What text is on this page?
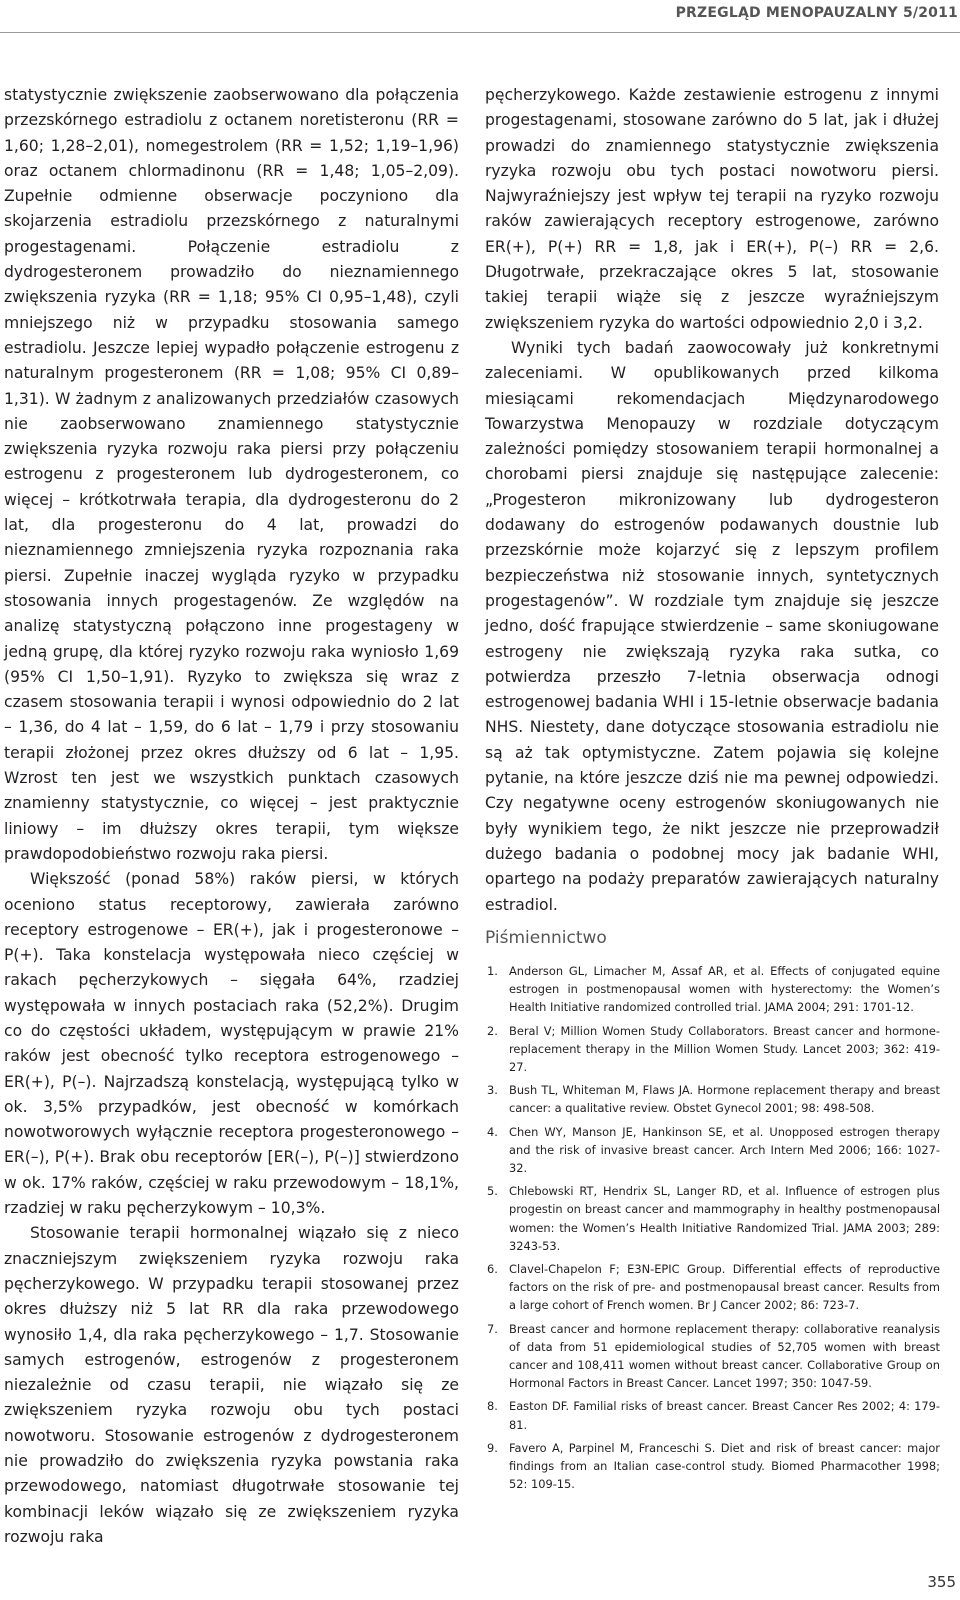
PRZEGLĄD MENOPAUZALNY 5/2011

statystycznie zwiększenie zaobserwowano dla połączenia przezskórnego estradiolu z octanem noretisteronu (RR = 1,60; 1,28–2,01), nomegestrolem (RR = 1,52; 1,19–1,96) oraz octanem chlormadinonu (RR = 1,48; 1,05–2,09). Zupełnie odmienne obserwacje poczyniono dla skojarzenia estradiolu przezskórnego z naturalnymi progestagenami. Połączenie estradiolu z dydrogesteronem prowadziło do nieznamiennego zwiększenia ryzyka (RR = 1,18; 95% CI 0,95–1,48), czyli mniejszego niż w przypadku stosowania samego estradiolu. Jeszcze lepiej wypadło połączenie estrogenu z naturalnym progesteronem (RR = 1,08; 95% CI 0,89–1,31). W żadnym z analizowanych przedziałów czasowych nie zaobserwowano znamiennego statystycznie zwiększenia ryzyka rozwoju raka piersi przy połączeniu estrogenu z progesteronem lub dydrogesteronem, co więcej – krótkotrwała terapia, dla dydrogesteronu do 2 lat, dla progesteronu do 4 lat, prowadzi do nieznamiennego zmniejszenia ryzyka rozpoznania raka piersi. Zupełnie inaczej wygląda ryzyko w przypadku stosowania innych progestagenów. Ze względów na analizę statystyczną połączono inne progestageny w jedną grupę, dla której ryzyko rozwoju raka wyniosło 1,69 (95% CI 1,50–1,91). Ryzyko to zwiększa się wraz z czasem stosowania terapii i wynosi odpowiednio do 2 lat – 1,36, do 4 lat – 1,59, do 6 lat – 1,79 i przy stosowaniu terapii złożonej przez okres dłuższy od 6 lat – 1,95. Wzrost ten jest we wszystkich punktach czasowych znamienny statystycznie, co więcej – jest praktycznie liniowy – im dłuższy okres terapii, tym większe prawdopodobieństwo rozwoju raka piersi.

Większość (ponad 58%) raków piersi, w których oceniono status receptorowy, zawierała zarówno receptory estrogenowe – ER(+), jak i progesteronowe – P(+). Taka konstelacja występowała nieco częściej w rakach pęcherzykowych – sięgała 64%, rzadziej występowała w innych postaciach raka (52,2%). Drugim co do częstości układem, występującym w prawie 21% raków jest obecność tylko receptora estrogenowego – ER(+), P(–). Najrzadszą konstelacją, występującą tylko w ok. 3,5% przypadków, jest obecność w komórkach nowotworowych wyłącznie receptora progesteronowego – ER(–), P(+). Brak obu receptorów [ER(–), P(–)] stwierdzono w ok. 17% raków, częściej w raku przewodowym – 18,1%, rzadziej w raku pęcherzykowym – 10,3%.

Stosowanie terapii hormonalnej wiązało się z nieco znaczniejszym zwiększeniem ryzyka rozwoju raka pęcherzykowego. W przypadku terapii stosowanej przez okres dłuższy niż 5 lat RR dla raka przewodowego wynosiło 1,4, dla raka pęcherzykowego – 1,7. Stosowanie samych estrogenów, estrogenów z progesteronem niezależnie od czasu terapii, nie wiązało się ze zwiększeniem ryzyka rozwoju obu tych postaci nowotworu. Stosowanie estrogenów z dydrogesteronem nie prowadziło do zwiększenia ryzyka powstania raka przewodowego, natomiast długotrwałe stosowanie tej kombinacji leków wiązało się ze zwiększeniem ryzyka rozwoju raka

pęcherzykowego. Każde zestawienie estrogenu z innymi progestagenami, stosowane zarówno do 5 lat, jak i dłużej prowadzi do znamiennego statystycznie zwiększenia ryzyka rozwoju obu tych postaci nowotworu piersi. Najwyraźniejszy jest wpływ tej terapii na ryzyko rozwoju raków zawierających receptory estrogenowe, zarówno ER(+), P(+) RR = 1,8, jak i ER(+), P(–) RR = 2,6. Długotrwałe, przekraczające okres 5 lat, stosowanie takiej terapii wiąże się z jeszcze wyraźniejszym zwiększeniem ryzyka do wartości odpowiednio 2,0 i 3,2.

Wyniki tych badań zaowocowały już konkretnymi zaleceniami. W opublikowanych przed kilkoma miesiącami rekomendacjach Międzynarodowego Towarzystwa Menopauzy w rozdziale dotyczącym zależności pomiędzy stosowaniem terapii hormonalnej a chorobami piersi znajduje się następujące zalecenie: „Progesteron mikronizowany lub dydrogesteron dodawany do estrogenów podawanych doustnie lub przezskórnie może kojarzyć się z lepszym profilem bezpieczeństwa niż stosowanie innych, syntetycznych progestagenów”. W rozdziale tym znajduje się jeszcze jedno, dość frapujące stwierdzenie – same skoniugowane estrogeny nie zwiększają ryzyka raka sutka, co potwierdza przeszło 7-letnia obserwacja odnogi estrogenowej badania WHI i 15-letnie obserwacje badania NHS. Niestety, dane dotyczące stosowania estradiolu nie są aż tak optymistyczne. Zatem pojawia się kolejne pytanie, na które jeszcze dziś nie ma pewnej odpowiedzi. Czy negatywne oceny estrogenów skoniugowanych nie były wynikiem tego, że nikt jeszcze nie przeprowadził dużego badania o podobnej mocy jak badanie WHI, opartego na podaży preparatów zawierających naturalny estradiol.

Piśmiennictwo
1. Anderson GL, Limacher M, Assaf AR, et al. Effects of conjugated equine estrogen in postmenopausal women with hysterectomy: the Women’s Health Initiative randomized controlled trial. JAMA 2004; 291: 1701-12.
2. Beral V; Million Women Study Collaborators. Breast cancer and hormone-replacement therapy in the Million Women Study. Lancet 2003; 362: 419-27.
3. Bush TL, Whiteman M, Flaws JA. Hormone replacement therapy and breast cancer: a qualitative review. Obstet Gynecol 2001; 98: 498-508.
4. Chen WY, Manson JE, Hankinson SE, et al. Unopposed estrogen therapy and the risk of invasive breast cancer. Arch Intern Med 2006; 166: 1027-32.
5. Chlebowski RT, Hendrix SL, Langer RD, et al. Influence of estrogen plus progestin on breast cancer and mammography in healthy postmenopausal women: the Women’s Health Initiative Randomized Trial. JAMA 2003; 289: 3243-53.
6. Clavel-Chapelon F; E3N-EPIC Group. Differential effects of reproductive factors on the risk of pre- and postmenopausal breast cancer. Results from a large cohort of French women. Br J Cancer 2002; 86: 723-7.
7. Breast cancer and hormone replacement therapy: collaborative reanalysis of data from 51 epidemiological studies of 52,705 women with breast cancer and 108,411 women without breast cancer. Collaborative Group on Hormonal Factors in Breast Cancer. Lancet 1997; 350: 1047-59.
8. Easton DF. Familial risks of breast cancer. Breast Cancer Res 2002; 4: 179-81.
9. Favero A, Parpinel M, Franceschi S. Diet and risk of breast cancer: major findings from an Italian case-control study. Biomed Pharmacother 1998; 52: 109-15.
355
